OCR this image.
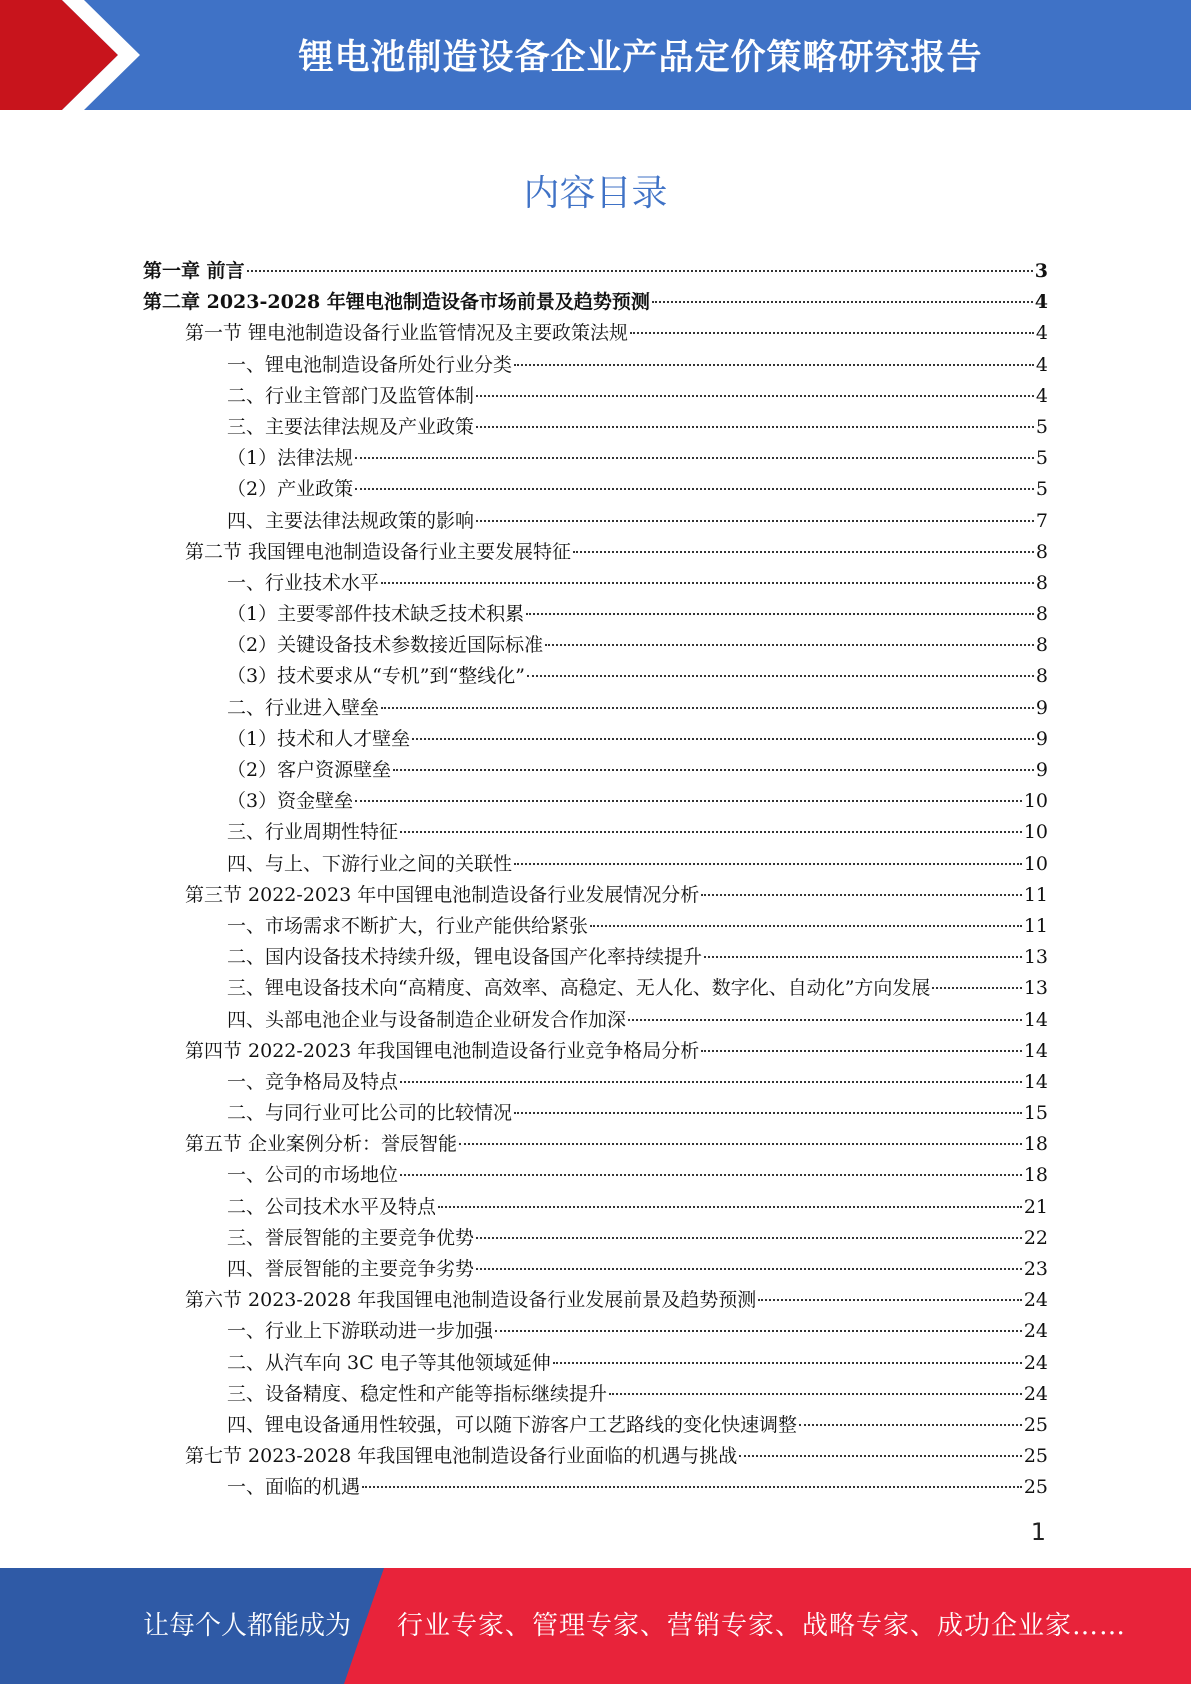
锂电池制造设备企业产品定价策略研究报告
内容目录
第一章 前言	3
第二章 2023-2028 年锂电池制造设备市场前景及趋势预测	4
第一节 锂电池制造设备行业监管情况及主要政策法规	4
一、锂电池制造设备所处行业分类	4
二、行业主管部门及监管体制	4
三、主要法律法规及产业政策	5
（1）法律法规	5
（2）产业政策	5
四、主要法律法规政策的影响	7
第二节 我国锂电池制造设备行业主要发展特征	8
一、行业技术水平	8
（1）主要零部件技术缺乏技术积累	8
（2）关键设备技术参数接近国际标准	8
（3）技术要求从“专机”到“整线化”	8
二、行业进入壁垒	9
（1）技术和人才壁垒	9
（2）客户资源壁垒	9
（3）资金壁垒	10
三、行业周期性特征	10
四、与上、下游行业之间的关联性	10
第三节 2022-2023 年中国锂电池制造设备行业发展情况分析	11
一、市场需求不断扩大，行业产能供给紧张	11
二、国内设备技术持续升级，锂电设备国产化率持续提升	13
三、锂电设备技术向“高精度、高效率、高稳定、无人化、数字化、自动化”方向发展	13
四、头部电池企业与设备制造企业研发合作加深	14
第四节 2022-2023 年我国锂电池制造设备行业竞争格局分析	14
一、竞争格局及特点	14
二、与同行业可比公司的比较情况	15
第五节 企业案例分析：誉辰智能	18
一、公司的市场地位	18
二、公司技术水平及特点	21
三、誉辰智能的主要竞争优势	22
四、誉辰智能的主要竞争劣势	23
第六节 2023-2028 年我国锂电池制造设备行业发展前景及趋势预测	24
一、行业上下游联动进一步加强	24
二、从汽车向 3C 电子等其他领域延伸	24
三、设备精度、稳定性和产能等指标继续提升	24
四、锂电设备通用性较强，可以随下游客户工艺路线的变化快速调整	25
第七节 2023-2028 年我国锂电池制造设备行业面临的机遇与挑战	25
一、面临的机遇	25
1
让每个人都能成为 行业专家、管理专家、营销专家、战略专家、成功企业家……
